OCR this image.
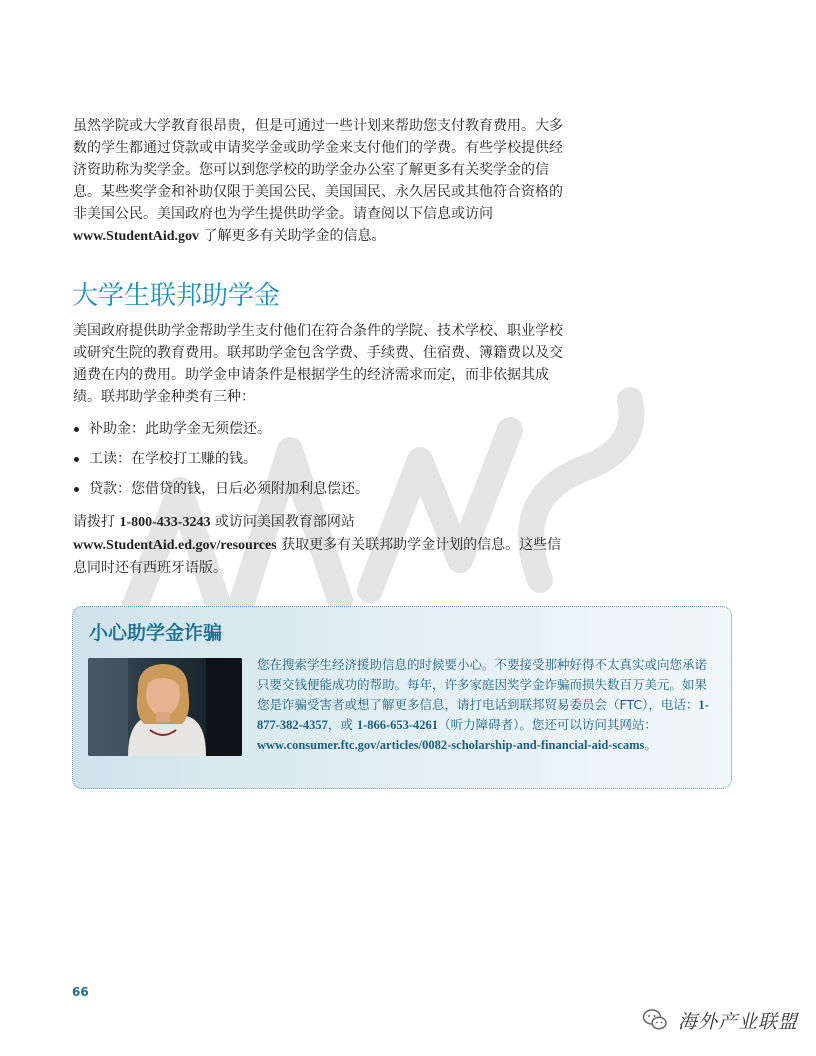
虽然学院或大学教育很昂贵，但是可通过一些计划来帮助您支付教育费用。大多数的学生都通过贷款或申请奖学金或助学金来支付他们的学费。有些学校提供经济资助称为奖学金。您可以到您学校的助学金办公室了解更多有关奖学金的信息。某些奖学金和补助仅限于美国公民、美国国民、永久居民或其他符合资格的非美国公民。美国政府也为学生提供助学金。请查阅以下信息或访问 www.StudentAid.gov 了解更多有关助学金的信息。

大学生联邦助学金

美国政府提供助学金帮助学生支付他们在符合条件的学院、技术学校、职业学校或研究生院的教育费用。联邦助学金包含学费、手续费、住宿费、簿籍费以及交通费在内的费用。助学金申请条件是根据学生的经济需求而定，而非依据其成绩。联邦助学金种类有三种：

补助金：此助学金无须偿还。
工读：在学校打工赚的钱。
贷款：您借贷的钱，日后必须附加利息偿还。

请拨打 1-800-433-3243 或访问美国教育部网站 www.StudentAid.ed.gov/resources 获取更多有关联邦助学金计划的信息。这些信息同时还有西班牙语版。

小心助学金诈骗

您在搜索学生经济援助信息的时候要小心。不要接受那种好得不太真实或向您承诺只要交钱便能成功的帮助。每年，许多家庭因奖学金诈骗而损失数百万美元。如果您是诈骗受害者或想了解更多信息，请打电话到联邦贸易委员会（FTC），电话：1-877-382-4357，或 1-866-653-4261（听力障碍者）。您还可以访问其网站：www.consumer.ftc.gov/articles/0082-scholarship-and-financial-aid-scams。

66
海外产业联盟
